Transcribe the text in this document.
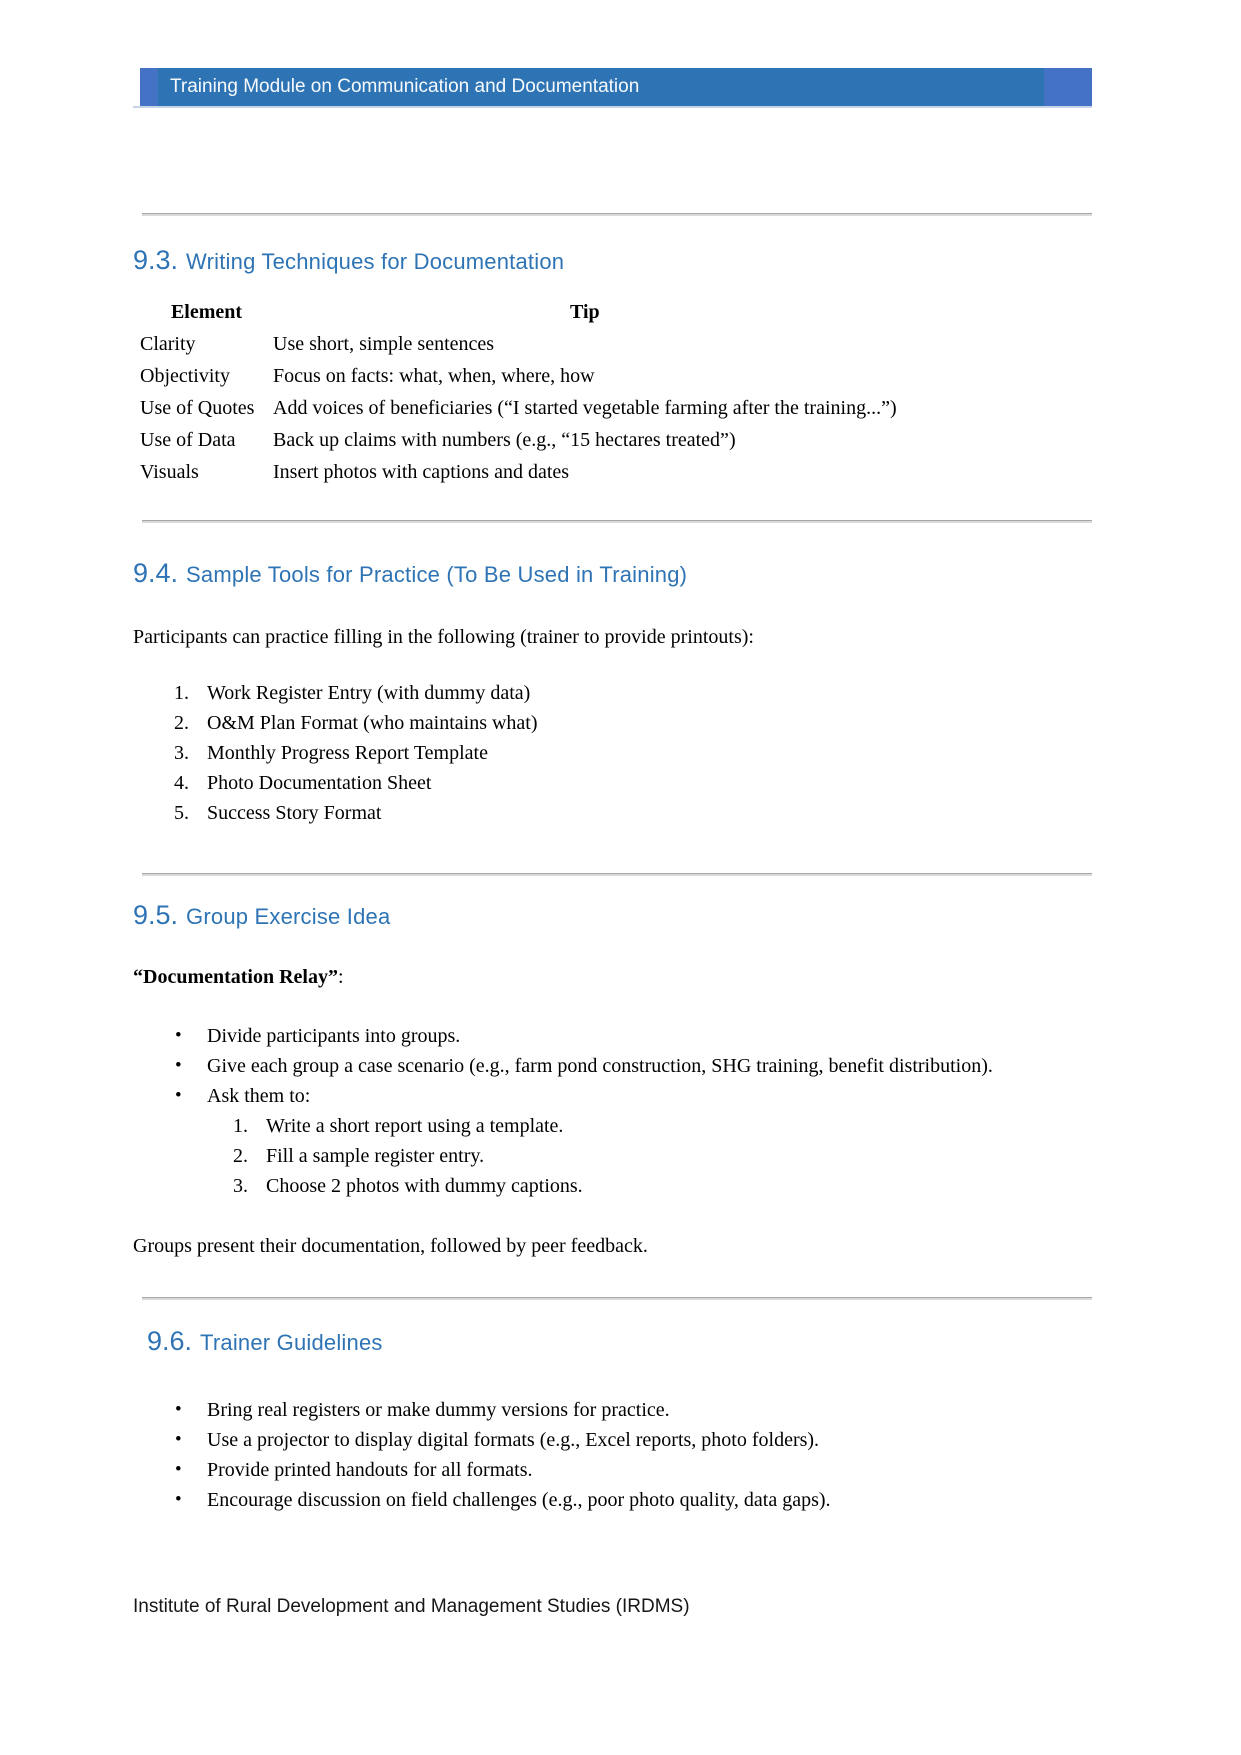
Training Module on Communication and Documentation
9.3. Writing Techniques for Documentation
Element	Tip
Clarity	Use short, simple sentences
Objectivity	Focus on facts: what, when, where, how
Use of Quotes	Add voices of beneficiaries (“I started vegetable farming after the training...”)
Use of Data	Back up claims with numbers (e.g., “15 hectares treated”)
Visuals	Insert photos with captions and dates
9.4. Sample Tools for Practice (To Be Used in Training)

Participants can practice filling in the following (trainer to provide printouts):

Work Register Entry (with dummy data)
O&M Plan Format (who maintains what)
Monthly Progress Report Template
Photo Documentation Sheet
Success Story Format
9.5. Group Exercise Idea

“Documentation Relay”:

• Divide participants into groups.
• Give each group a case scenario (e.g., farm pond construction, SHG training, benefit distribution).
• Ask them to:
Write a short report using a template.
Fill a sample register entry.
Choose 2 photos with dummy captions.

Groups present their documentation, followed by peer feedback.

9.6. Trainer Guidelines
• Bring real registers or make dummy versions for practice.
• Use a projector to display digital formats (e.g., Excel reports, photo folders).
• Provide printed handouts for all formats.
• Encourage discussion on field challenges (e.g., poor photo quality, data gaps).
Institute of Rural Development and Management Studies (IRDMS)
